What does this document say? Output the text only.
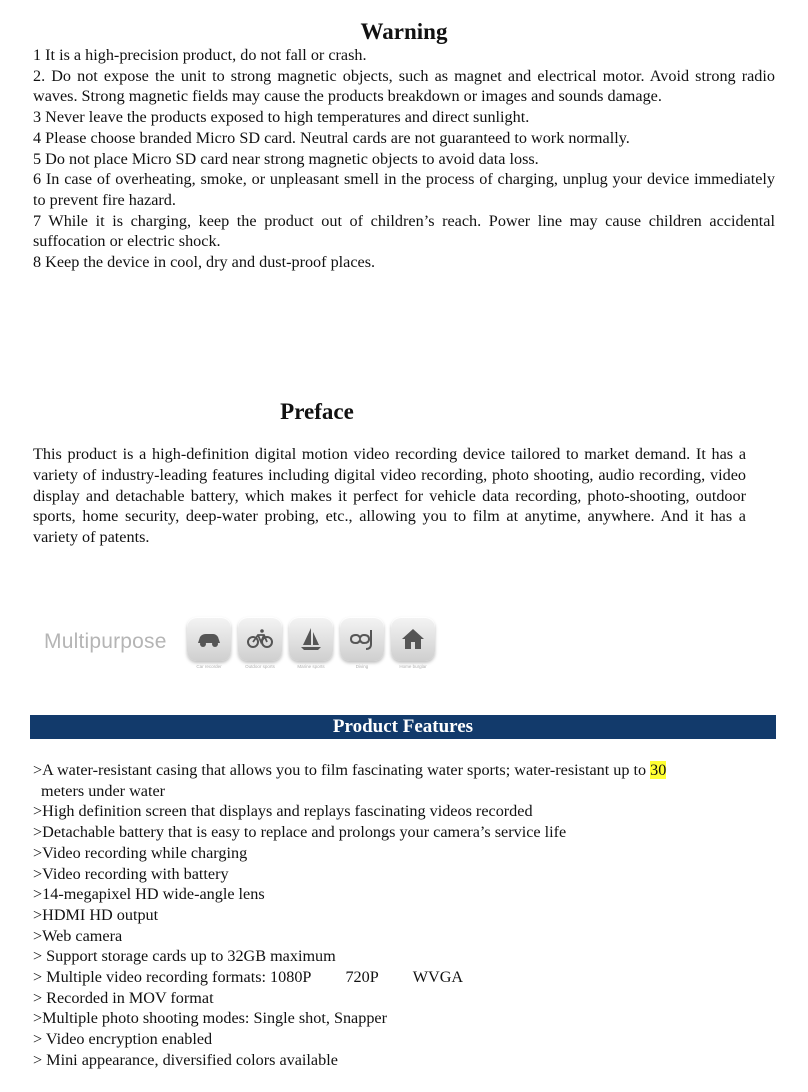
Warning

1 It is a high-precision product, do not fall or crash.

2. Do not expose the unit to strong magnetic objects, such as magnet and electrical motor. Avoid strong radio waves. Strong magnetic fields may cause the products breakdown or images and sounds damage.

3 Never leave the products exposed to high temperatures and direct sunlight.

4 Please choose branded Micro SD card. Neutral cards are not guaranteed to work normally.

5 Do not place Micro SD card near strong magnetic objects to avoid data loss.

6 In case of overheating, smoke, or unpleasant smell in the process of charging, unplug your device immediately to prevent fire hazard.

7 While it is charging, keep the product out of children’s reach. Power line may cause children accidental suffocation or electric shock.

8 Keep the device in cool, dry and dust-proof places.

Preface

This product is a high-definition digital motion video recording device tailored to market demand. It has a variety of industry-leading features including digital video recording, photo shooting, audio recording, video display and detachable battery, which makes it perfect for vehicle data recording, photo-shooting, outdoor sports, home security, deep-water probing, etc., allowing you to film at anytime, anywhere. And it has a variety of patents.

Multipurpose
Car recorder	Outdoor sports	Marine sports	Diving	Home burglar
Product Features

>A water-resistant casing that allows you to film fascinating water sports; water-resistant up to 30

meters under water

>High definition screen that displays and replays fascinating videos recorded

>Detachable battery that is easy to replace and prolongs your camera’s service life

>Video recording while charging

>Video recording with battery

>14-megapixel HD wide-angle lens

>HDMI HD output

>Web camera

> Support storage cards up to 32GB maximum

> Multiple video recording formats: 1080P 720P WVGA

> Recorded in MOV format

>Multiple photo shooting modes: Single shot, Snapper

> Video encryption enabled

> Mini appearance, diversified colors available
